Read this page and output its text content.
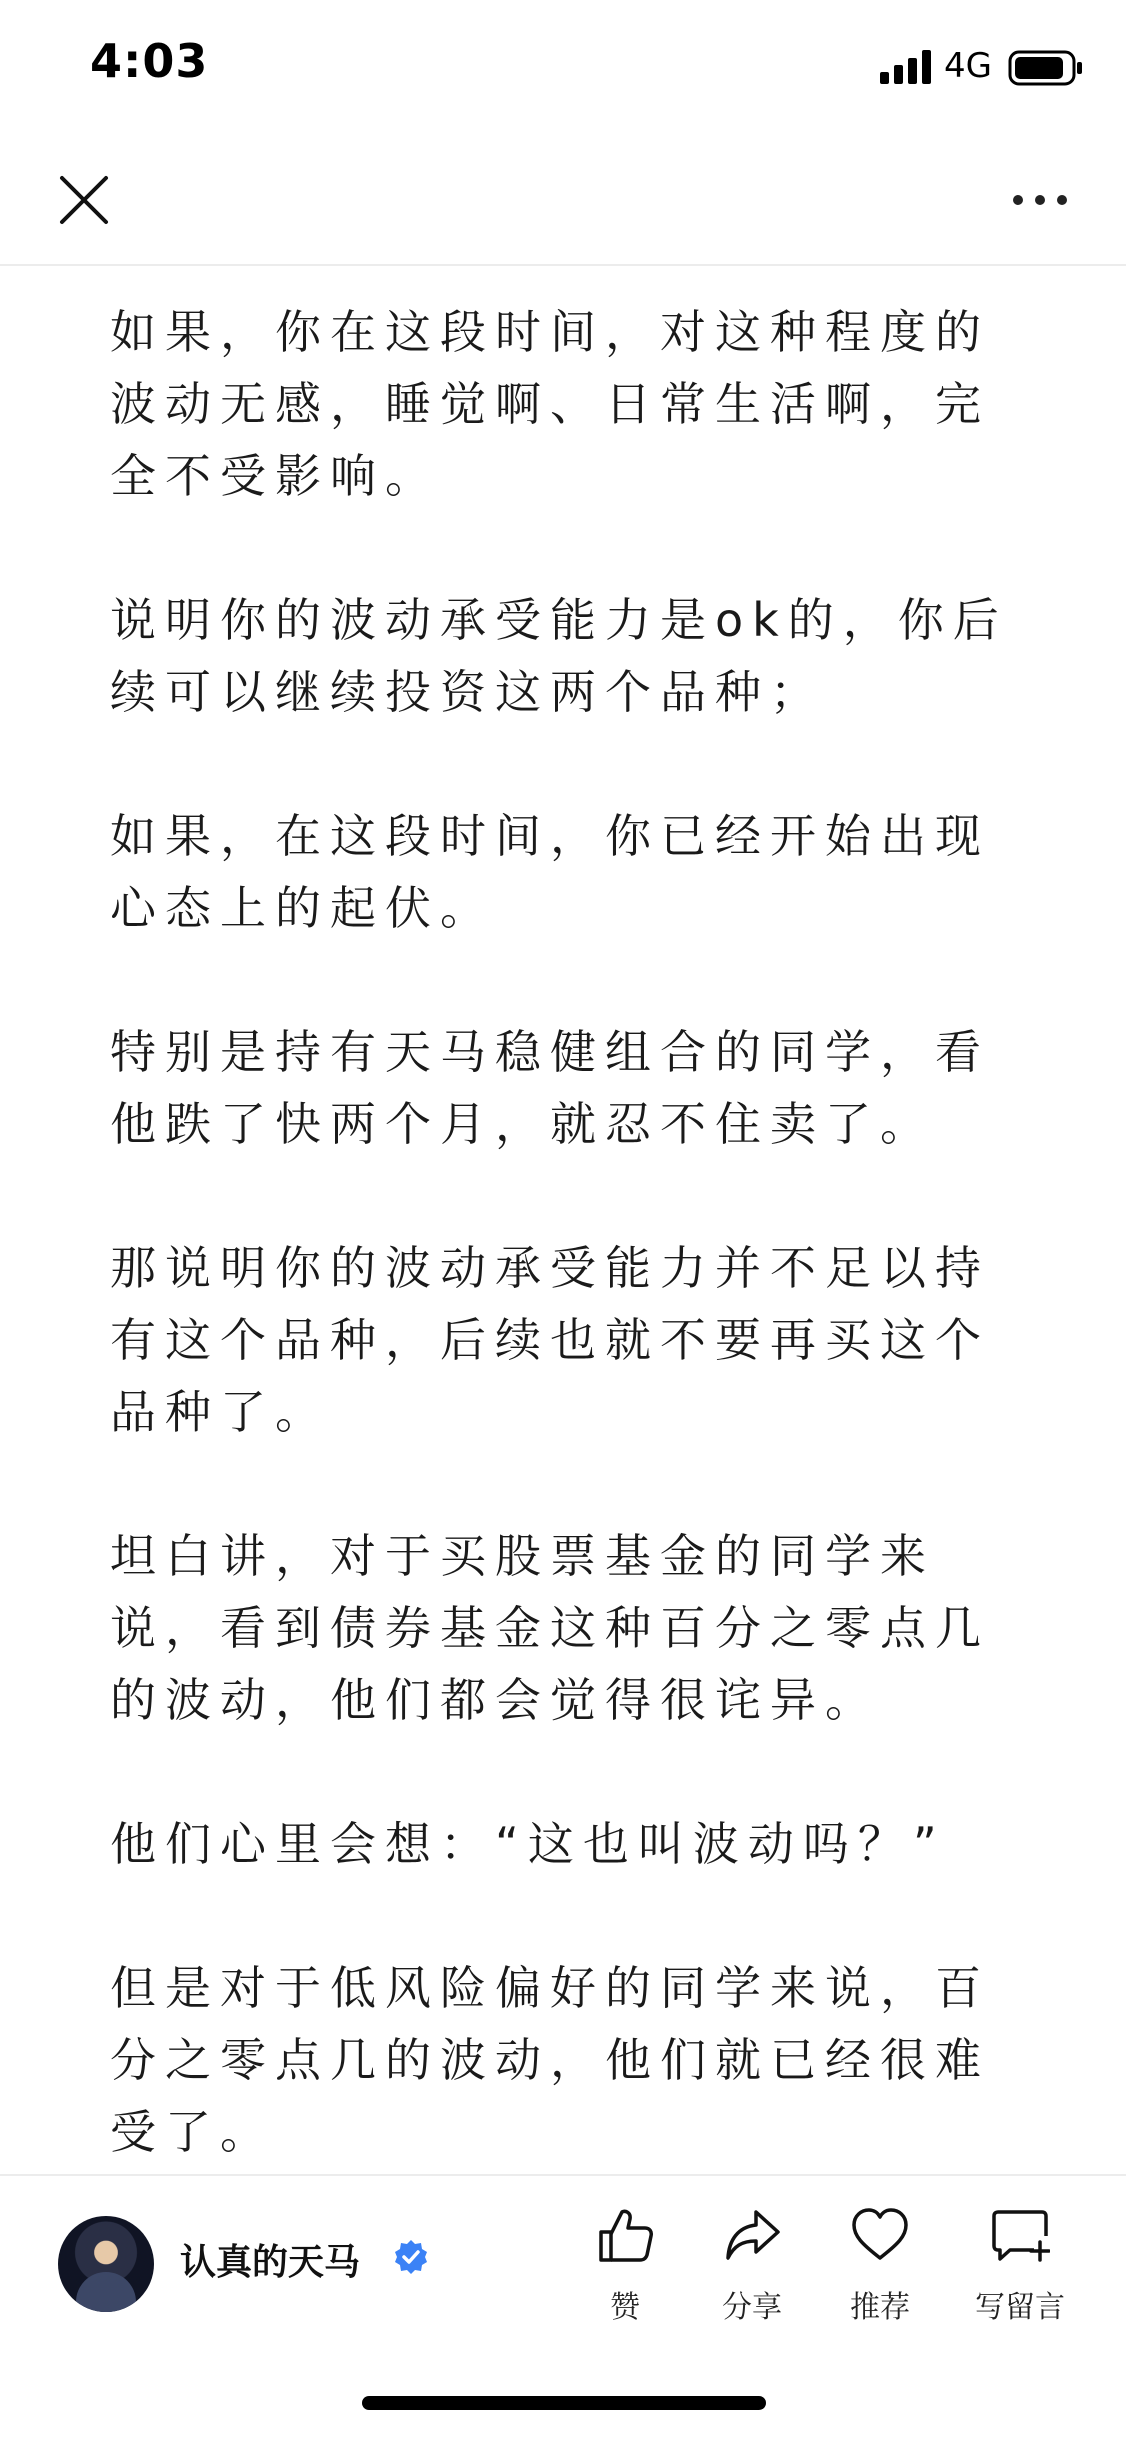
4:03	4G

如果，你在这段时间，对这种程度的
波动无感，睡觉啊、日常生活啊，完
全不受影响。

说明你的波动承受能力是ok的，你后
续可以继续投资这两个品种；

如果，在这段时间，你已经开始出现
心态上的起伏。

特别是持有天马稳健组合的同学，看
他跌了快两个月，就忍不住卖了。

那说明你的波动承受能力并不足以持
有这个品种，后续也就不要再买这个
品种了。

坦白讲，对于买股票基金的同学来
说，看到债券基金这种百分之零点几
的波动，他们都会觉得很诧异。

他们心里会想：“这也叫波动吗？”

但是对于低风险偏好的同学来说，百
分之零点几的波动，他们就已经很难
受了。

认真的天马
赞	分享	推荐	写留言
